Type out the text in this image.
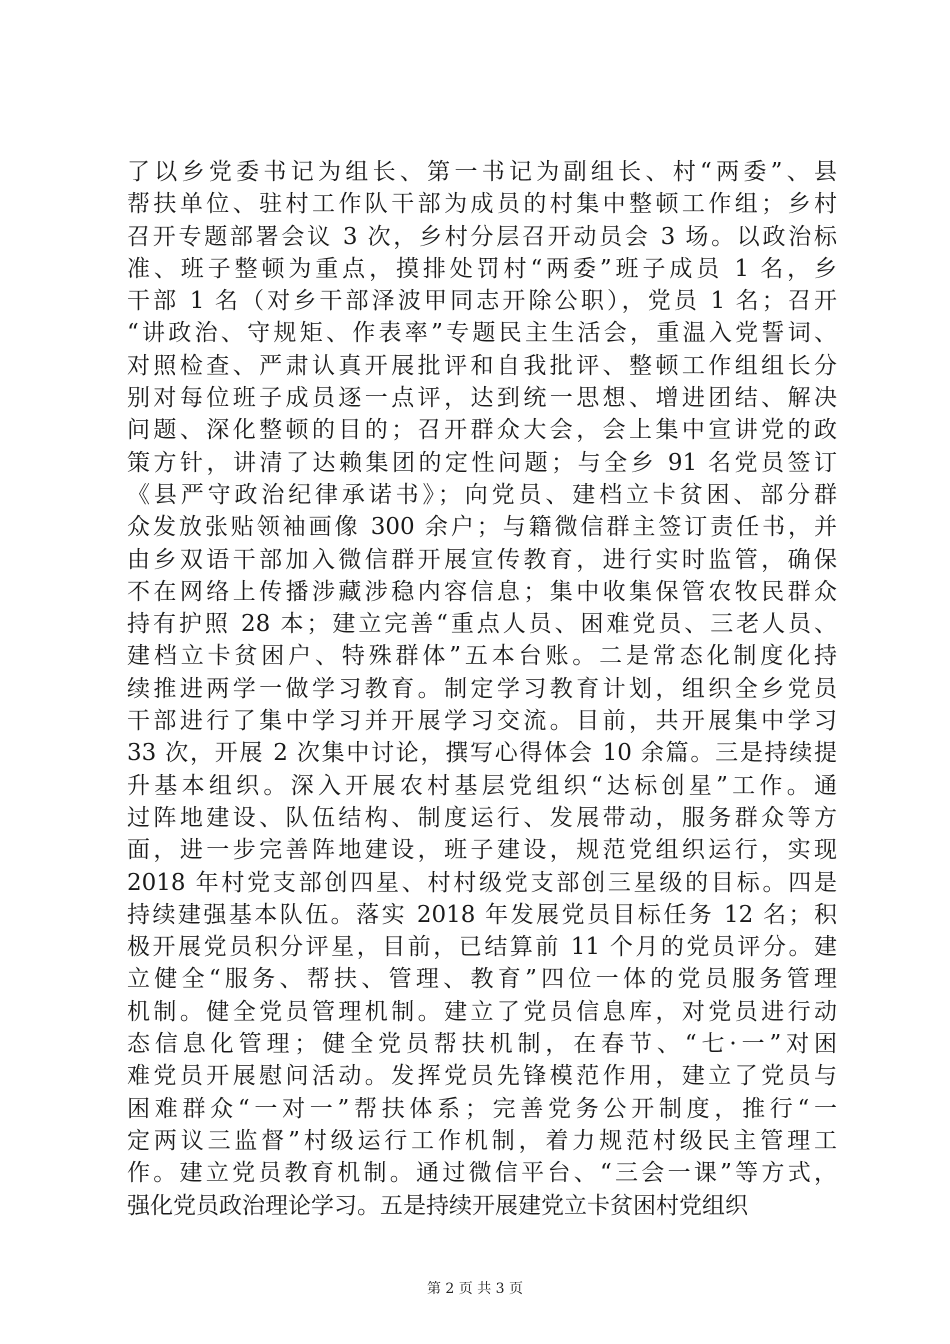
了以乡党委书记为组长、第一书记为副组长、村“两委”、县
帮扶单位、驻村工作队干部为成员的村集中整顿工作组；乡村
召开专题部署会议 3 次，乡村分层召开动员会 3 场。以政治标
准、班子整顿为重点，摸排处罚村“两委”班子成员 1 名，乡
干部 1 名（对乡干部泽波甲同志开除公职），党员 1 名；召开
“讲政治、守规矩、作表率”专题民主生活会，重温入党誓词、
对照检查、严肃认真开展批评和自我批评、整顿工作组组长分
别对每位班子成员逐一点评，达到统一思想、增进团结、解决
问题、深化整顿的目的；召开群众大会，会上集中宣讲党的政
策方针，讲清了达赖集团的定性问题；与全乡 91 名党员签订
《县严守政治纪律承诺书》；向党员、建档立卡贫困、部分群
众发放张贴领袖画像 300 余户；与籍微信群主签订责任书，并
由乡双语干部加入微信群开展宣传教育，进行实时监管，确保
不在网络上传播涉藏涉稳内容信息；集中收集保管农牧民群众
持有护照 28 本；建立完善“重点人员、困难党员、三老人员、
建档立卡贫困户、特殊群体”五本台账。二是常态化制度化持
续推进两学一做学习教育。制定学习教育计划，组织全乡党员
干部进行了集中学习并开展学习交流。目前，共开展集中学习
33 次，开展 2 次集中讨论，撰写心得体会 10 余篇。三是持续提
升基本组织。深入开展农村基层党组织“达标创星”工作。通
过阵地建设、队伍结构、制度运行、发展带动，服务群众等方
面，进一步完善阵地建设，班子建设，规范党组织运行，实现
2018 年村党支部创四星、村村级党支部创三星级的目标。四是
持续建强基本队伍。落实 2018 年发展党员目标任务 12 名；积
极开展党员积分评星，目前，已结算前 11 个月的党员评分。建
立健全“服务、帮扶、管理、教育”四位一体的党员服务管理
机制。健全党员管理机制。建立了党员信息库，对党员进行动
态信息化管理；健全党员帮扶机制，在春节、“七·一”对困
难党员开展慰问活动。发挥党员先锋模范作用，建立了党员与
困难群众“一对一”帮扶体系；完善党务公开制度，推行“一
定两议三监督”村级运行工作机制，着力规范村级民主管理工
作。建立党员教育机制。通过微信平台、“三会一课”等方式，
强化党员政治理论学习。五是持续开展建党立卡贫困村党组织
第 2 页 共 3 页
